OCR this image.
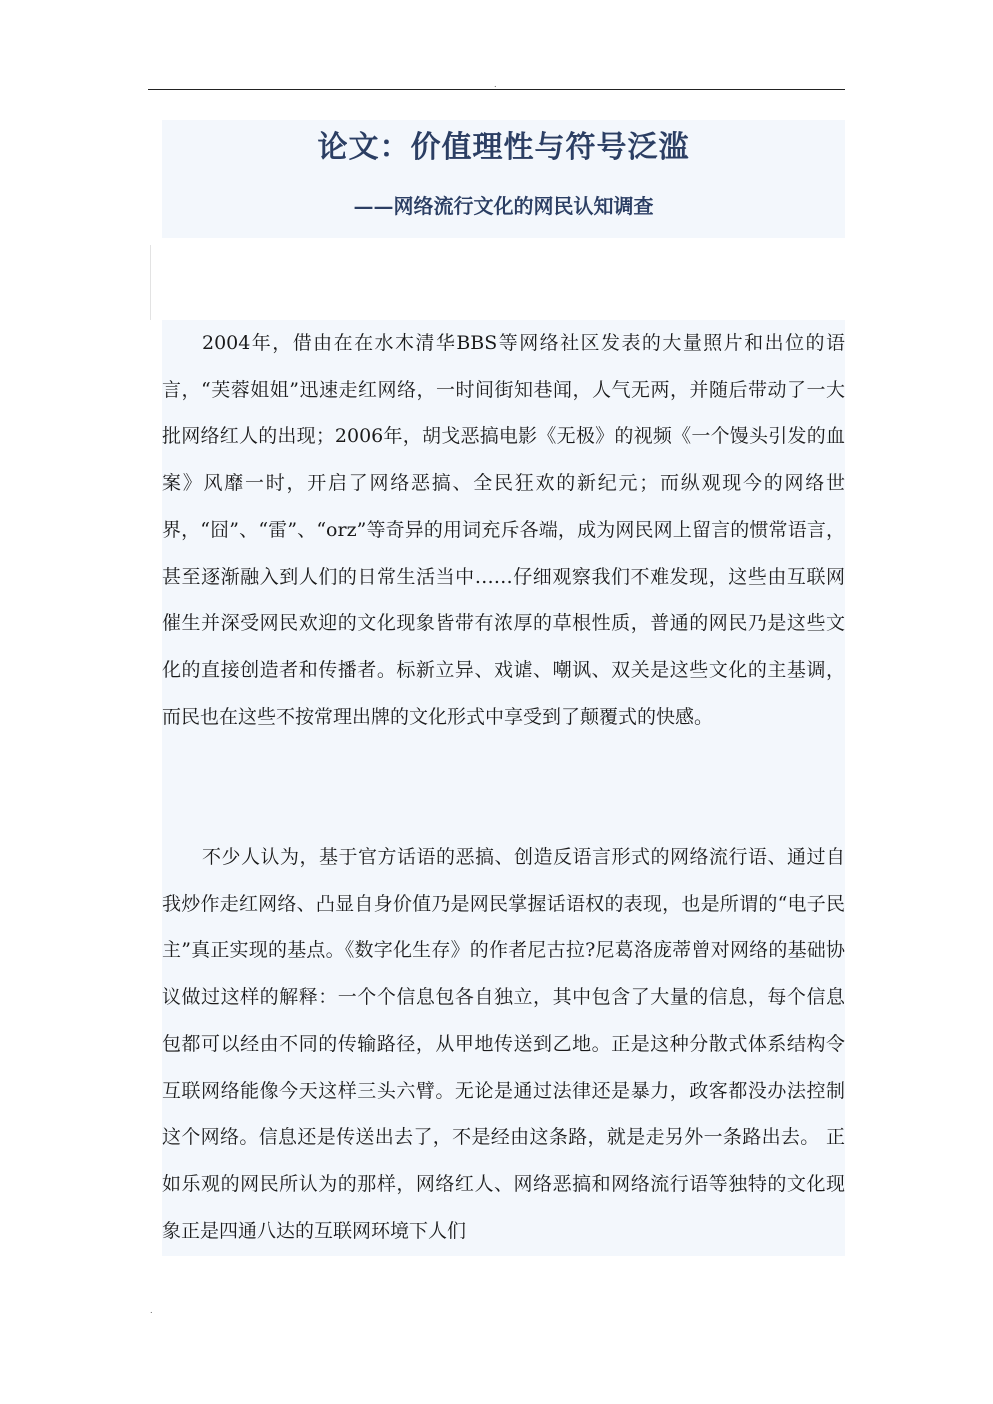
.
论文：价值理性与符号泛滥
——网络流行文化的网民认知调查

2004年，借由在在水木清华BBS等网络社区发表的大量照片和出位的语言，“芙蓉姐姐”迅速走红网络，一时间街知巷闻，人气无两，并随后带动了一大批网络红人的出现；2006年，胡戈恶搞电影《无极》的视频《一个馒头引发的血案》风靡一时，开启了网络恶搞、全民狂欢的新纪元；而纵观现今的网络世界，“囧”、“雷”、“orz”等奇异的用词充斥各端，成为网民网上留言的惯常语言，甚至逐渐融入到人们的日常生活当中……仔细观察我们不难发现，这些由互联网催生并深受网民欢迎的文化现象皆带有浓厚的草根性质，普通的网民乃是这些文化的直接创造者和传播者。标新立异、戏谑、嘲讽、双关是这些文化的主基调，而民也在这些不按常理出牌的文化形式中享受到了颠覆式的快感。

不少人认为，基于官方话语的恶搞、创造反语言形式的网络流行语、通过自我炒作走红网络、凸显自身价值乃是网民掌握话语权的表现，也是所谓的“电子民主”真正实现的基点。《数字化生存》的作者尼古拉?尼葛洛庞蒂曾对网络的基础协议做过这样的解释：一个个信息包各自独立，其中包含了大量的信息，每个信息包都可以经由不同的传输路径，从甲地传送到乙地。正是这种分散式体系结构令互联网络能像今天这样三头六臂。无论是通过法律还是暴力，政客都没办法控制这个网络。信息还是传送出去了，不是经由这条路，就是走另外一条路出去。 正如乐观的网民所认为的那样，网络红人、网络恶搞和网络流行语等独特的文化现象正是四通八达的互联网环境下人们

.
